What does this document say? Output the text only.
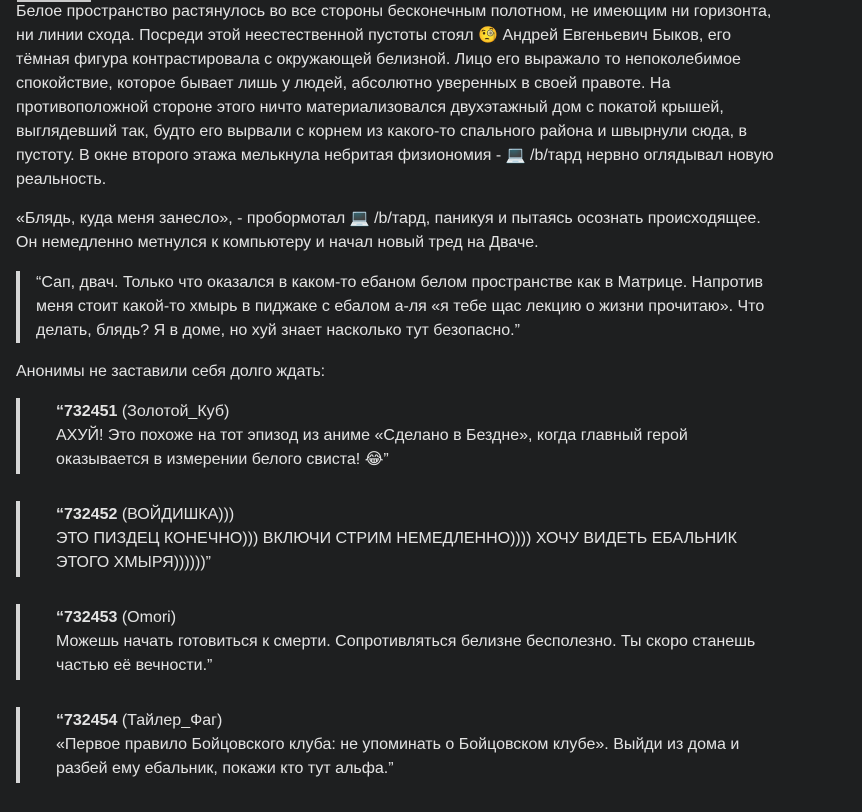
Белое пространство растянулось во все стороны бесконечным полотном, не имеющим ни горизонта, ни линии схода. Посреди этой неестественной пустоты стоял 🧐 Андрей Евгеньевич Быков, его тёмная фигура контрастировала с окружающей белизной. Лицо его выражало то непоколебимое спокойствие, которое бывает лишь у людей, абсолютно уверенных в своей правоте. На противоположной стороне этого ничто материализовался двухэтажный дом с покатой крышей, выглядевший так, будто его вырвали с корнем из какого-то спального района и швырнули сюда, в пустоту. В окне второго этажа мелькнула небритая физиономия - 💻 /b/тард нервно оглядывал новую реальность.

«Блядь, куда меня занесло», - пробормотал 💻 /b/тард, паникуя и пытаясь осознать происходящее. Он немедленно метнулся к компьютеру и начал новый тред на Дваче.

“Сап, двач. Только что оказался в каком-то ебаном белом пространстве как в Матрице. Напротив меня стоит какой-то хмырь в пиджаке с ебалом а-ля «я тебе щас лекцию о жизни прочитаю». Что делать, блядь? Я в доме, но хуй знает насколько тут безопасно.”

Анонимы не заставили себя долго ждать:

“732451 (Золотой_Куб)
АХУЙ! Это похоже на тот эпизод из аниме «Сделано в Бездне», когда главный герой оказывается в измерении белого свиста! 😂”
“732452 (ВОЙДИШКА)))
ЭТО ПИЗДЕЦ КОНЕЧНО))) ВКЛЮЧИ СТРИМ НЕМЕДЛЕННО)))) ХОЧУ ВИДЕТЬ ЕБАЛЬНИК ЭТОГО ХМЫРЯ))))))”
“732453 (Omori)
Можешь начать готовиться к смерти. Сопротивляться белизне бесполезно. Ты скоро станешь частью её вечности.”
“732454 (Тайлер_Фаг)
«Первое правило Бойцовского клуба: не упоминать о Бойцовском клубе». Выйди из дома и разбей ему ебальник, покажи кто тут альфа.”
